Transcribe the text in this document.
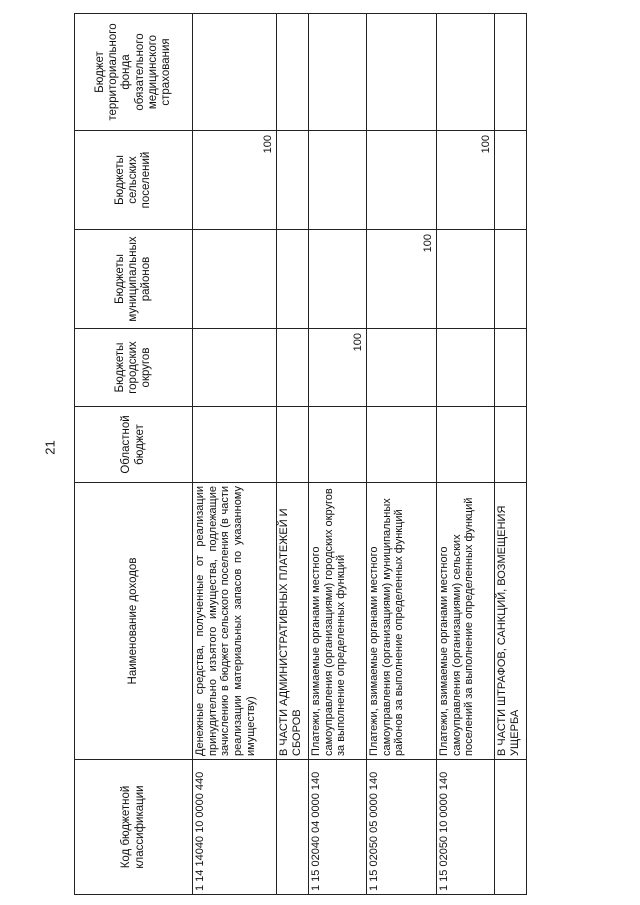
21
Код бюджетной классификации	Наименование доходов	Областной бюджет	Бюджеты городских округов	Бюджеты муниципальных районов	Бюджеты сельских поселений	Бюджет территориального фонда обязательного медицинского страхования
1 14 14040 10 0000 440	Денежные средства, полученные от реализации принудительно изъятого имущества, подлежащие зачислению в бюджет сельского поселения (в части реализации материальных запасов по указанному имуществу)				100	
	В ЧАСТИ АДМИНИСТРАТИВНЫХ ПЛАТЕЖЕЙ И СБОРОВ					
1 15 02040 04 0000 140	Платежи, взимаемые органами местного самоуправления (организациями) городских округов за выполнение определенных функций		100			
1 15 02050 05 0000 140	Платежи, взимаемые органами местного самоуправления (организациями) муниципальных районов за выполнение определенных функций			100		
1 15 02050 10 0000 140	Платежи, взимаемые органами местного самоуправления (организациями) сельских поселений за выполнение определенных функций				100	
	В ЧАСТИ ШТРАФОВ, САНКЦИЙ, ВОЗМЕЩЕНИЯ УЩЕРБА					
